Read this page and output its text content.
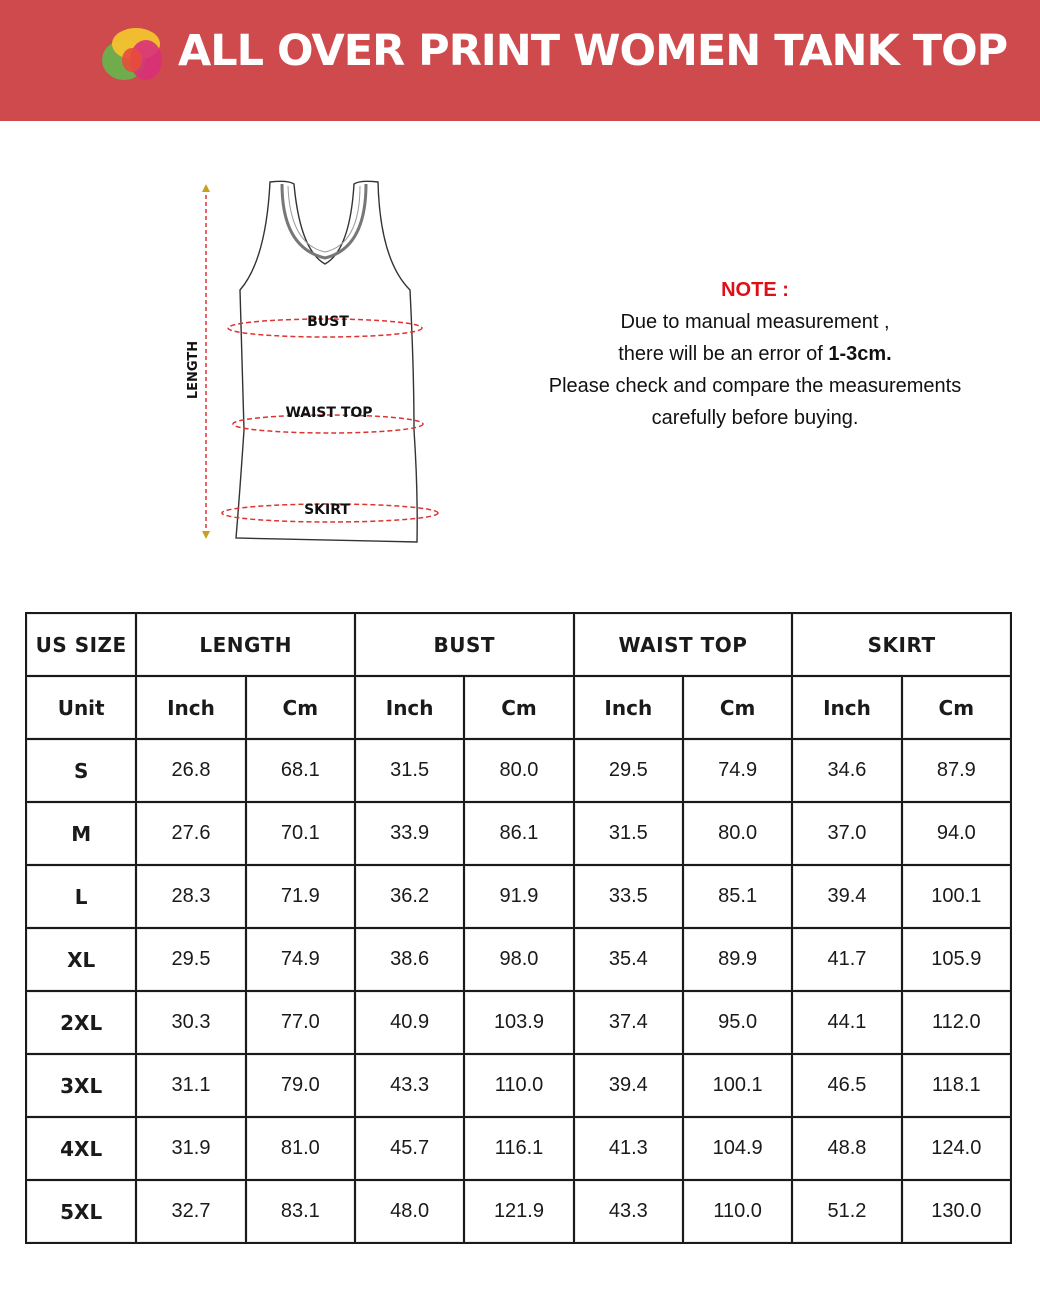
ALL OVER PRINT WOMEN TANK TOP
LENGTH
BUST
WAIST TOP
SKIRT
NOTE :
Due to manual measurement ,
there will be an error of 1-3cm.
Please check and compare the measurements
carefully before buying.
US SIZE	LENGTH		BUST		WAIST TOP		SKIRT	
Unit	Inch	Cm	Inch	Cm	Inch	Cm	Inch	Cm
S	26.8	68.1	31.5	80.0	29.5	74.9	34.6	87.9
M	27.6	70.1	33.9	86.1	31.5	80.0	37.0	94.0
L	28.3	71.9	36.2	91.9	33.5	85.1	39.4	100.1
XL	29.5	74.9	38.6	98.0	35.4	89.9	41.7	105.9
2XL	30.3	77.0	40.9	103.9	37.4	95.0	44.1	112.0
3XL	31.1	79.0	43.3	110.0	39.4	100.1	46.5	118.1
4XL	31.9	81.0	45.7	116.1	41.3	104.9	48.8	124.0
5XL	32.7	83.1	48.0	121.9	43.3	110.0	51.2	130.0
